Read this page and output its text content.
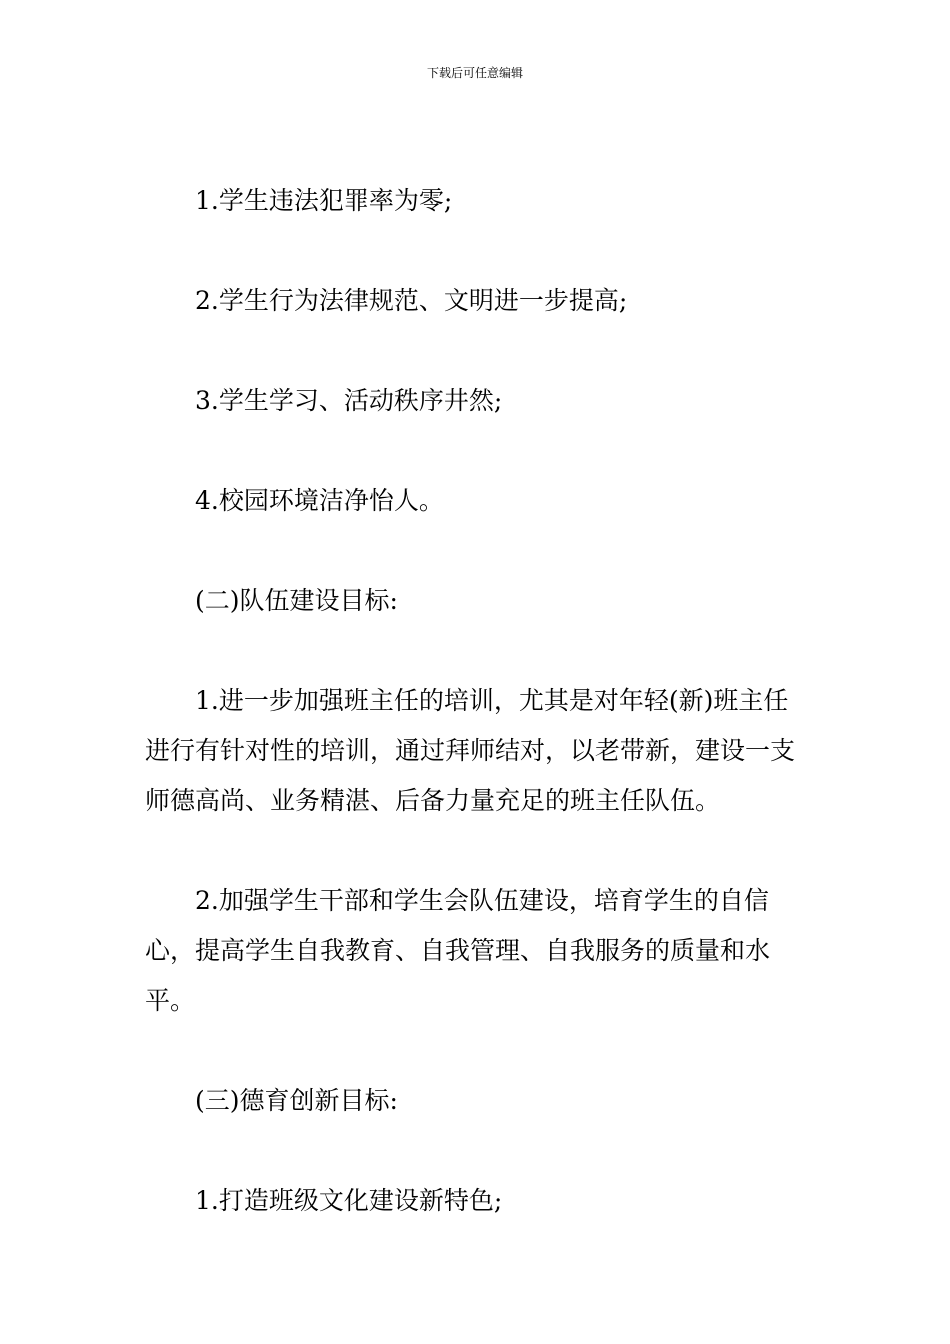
下载后可任意编辑

1.学生违法犯罪率为零;

2.学生行为法律规范、文明进一步提高;

3.学生学习、活动秩序井然;

4.校园环境洁净怡人。

(二)队伍建设目标:

1.进一步加强班主任的培训，尤其是对年轻(新)班主任进行有针对性的培训，通过拜师结对，以老带新，建设一支师德高尚、业务精湛、后备力量充足的班主任队伍。

2.加强学生干部和学生会队伍建设，培育学生的自信心，提高学生自我教育、自我管理、自我服务的质量和水平。

(三)德育创新目标:

1.打造班级文化建设新特色;
